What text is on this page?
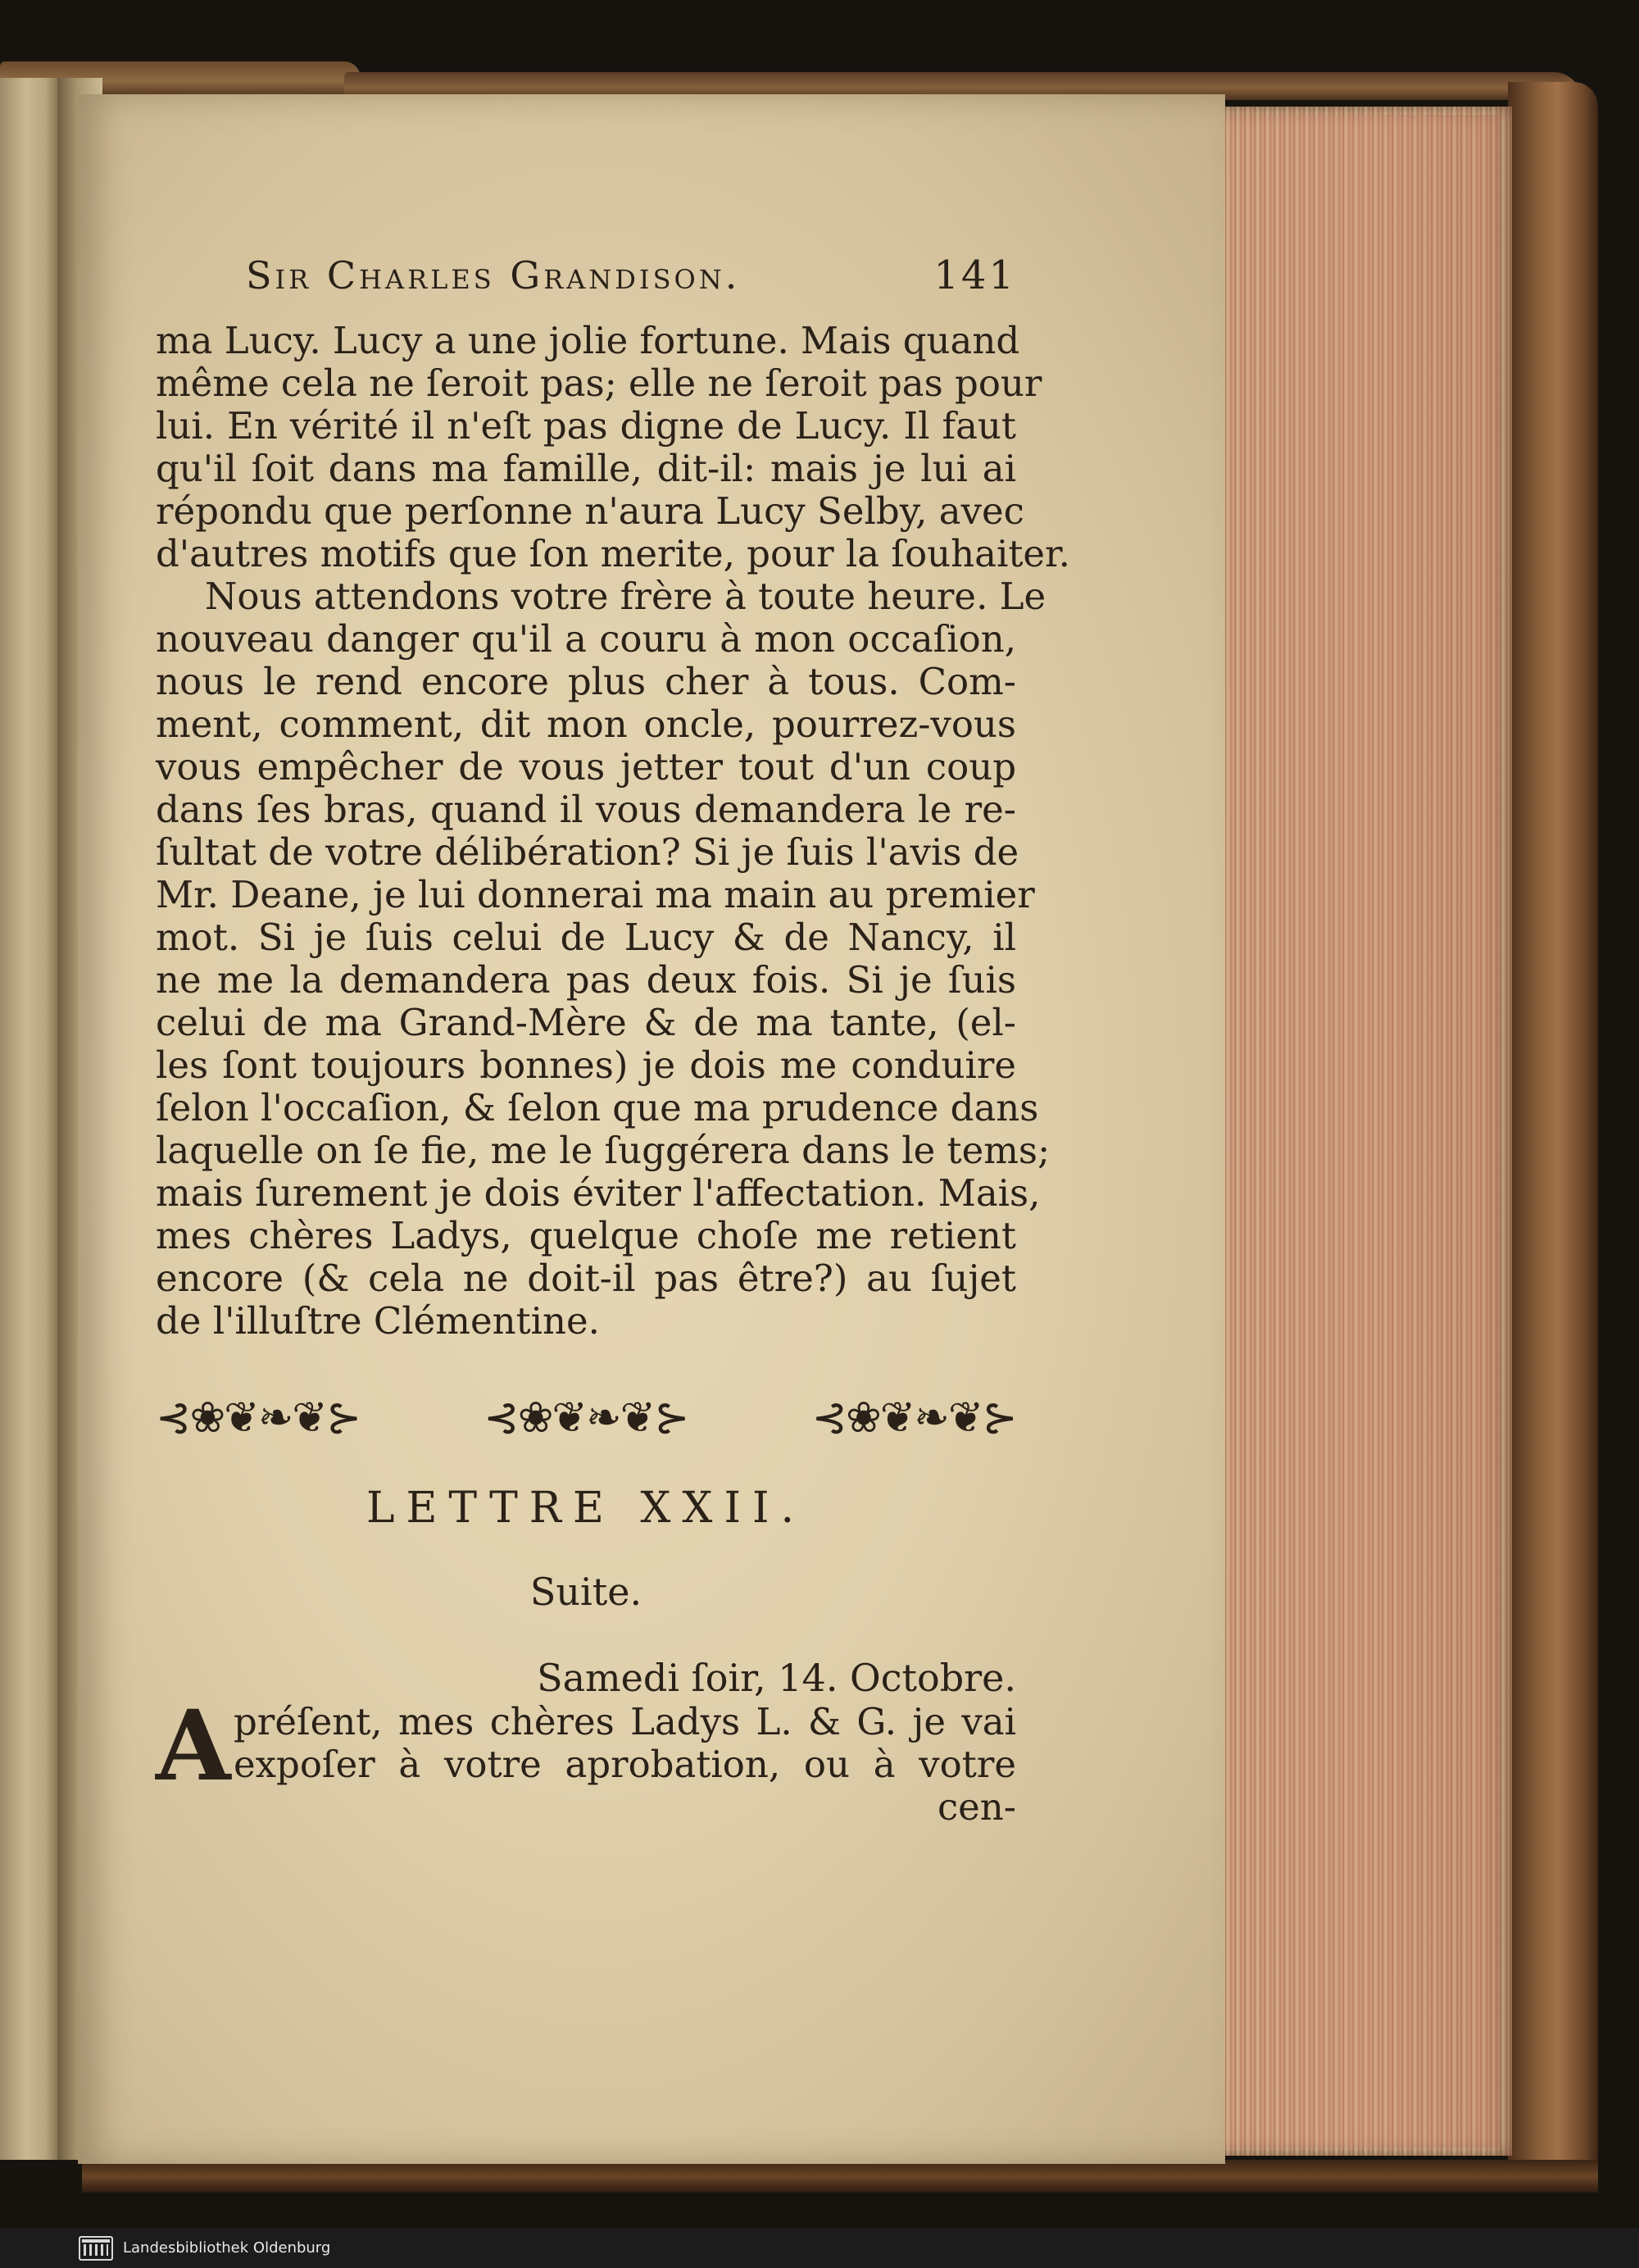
Sir Charles Grandison.	141

ma Lucy. Lucy a une jolie fortune. Mais quand
même cela ne ſeroit pas; elle ne ſeroit pas pour
lui. En vérité il n'eſt pas digne de Lucy. Il faut
qu'il ſoit dans ma famille, dit-il: mais je lui ai
répondu que perſonne n'aura Lucy Selby, avec
d'autres motifs que ſon merite, pour la ſouhaiter.

Nous attendons votre frère à toute heure. Le
nouveau danger qu'il a couru à mon occaſion,
nous le rend encore plus cher à tous. Com-
ment, comment, dit mon oncle, pourrez-vous
vous empêcher de vous jetter tout d'un coup
dans ſes bras, quand il vous demandera le re-
ſultat de votre délibération? Si je ſuis l'avis de
Mr. Deane, je lui donnerai ma main au premier
mot. Si je ſuis celui de Lucy & de Nancy, il
ne me la demandera pas deux fois. Si je ſuis
celui de ma Grand-Mère & de ma tante, (el-
les ſont toujours bonnes) je dois me conduire
ſelon l'occaſion, & ſelon que ma prudence dans
laquelle on ſe fie, me le ſuggérera dans le tems;
mais ſurement je dois éviter l'affectation. Mais,
mes chères Ladys, quelque choſe me retient
encore (& cela ne doit-il pas être?) au ſujet
de l'illuſtre Clémentine.

⊰❀❦❧❦⊱	⊰❀❦❧❦⊱	⊰❀❦❧❦⊱
LETTRE XXII.
Suite.
Samedi ſoir, 14. Octobre.
A préſent, mes chères Ladys L. & G. je vai
expoſer à votre aprobation, ou à votre
cen-
Landesbibliothek Oldenburg
